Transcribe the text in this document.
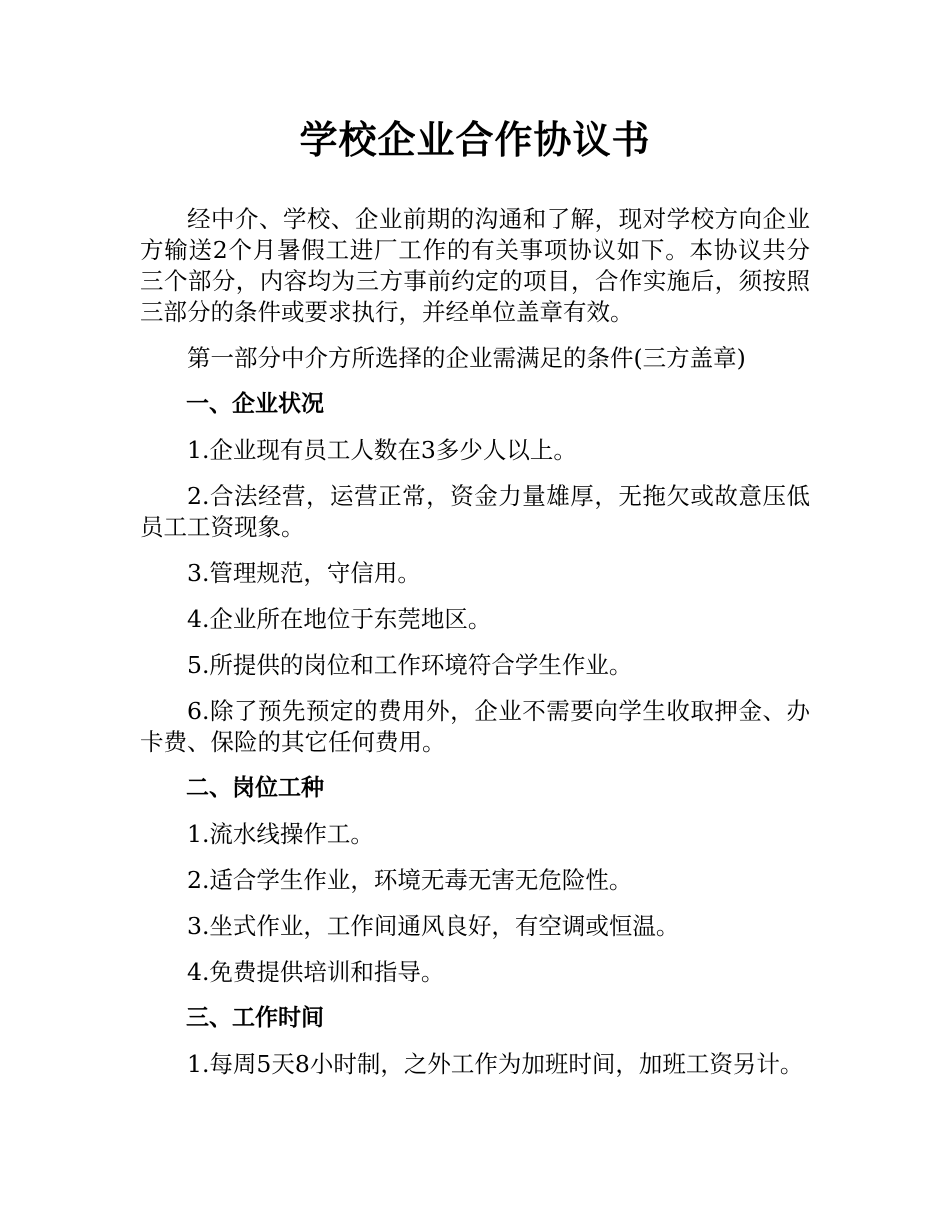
学校企业合作协议书

经中介、学校、企业前期的沟通和了解，现对学校方向企业方输送2个月暑假工进厂工作的有关事项协议如下。本协议共分三个部分，内容均为三方事前约定的项目，合作实施后，须按照三部分的条件或要求执行，并经单位盖章有效。

第一部分中介方所选择的企业需满足的条件(三方盖章)

一、企业状况

1.企业现有员工人数在3多少人以上。

2.合法经营，运营正常，资金力量雄厚，无拖欠或故意压低员工工资现象。

3.管理规范，守信用。

4.企业所在地位于东莞地区。

5.所提供的岗位和工作环境符合学生作业。

6.除了预先预定的费用外，企业不需要向学生收取押金、办卡费、保险的其它任何费用。

二、岗位工种

1.流水线操作工。

2.适合学生作业，环境无毒无害无危险性。

3.坐式作业，工作间通风良好，有空调或恒温。

4.免费提供培训和指导。

三、工作时间

1.每周5天8小时制，之外工作为加班时间，加班工资另计。
